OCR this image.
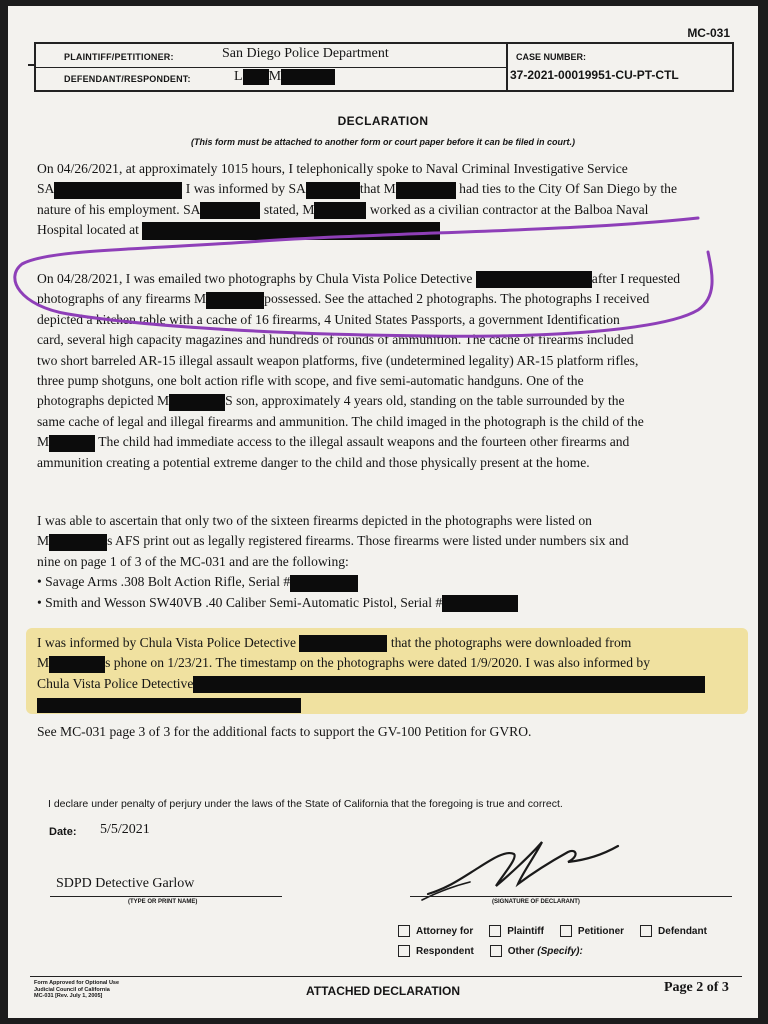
MC-031
PLAINTIFF/PETITIONER:	San Diego Police Department
DEFENDANT/RESPONDENT:	L M
CASE NUMBER:
37-2021-00019951-CU-PT-CTL
DECLARATION
(This form must be attached to another form or court paper before it can be filed in court.)
On 04/26/2021, at approximately 1015 hours, I telephonically spoke to Naval Criminal Investigative Service
SA	I was informed by SA	that M	had ties to the City Of San Diego by the
nature of his employment. SA	stated, M	worked as a civilian contractor at the Balboa Naval
Hospital located at
On 04/28/2021, I was emailed two photographs by Chula Vista Police Detective	after I requested
photographs of any firearms M	possessed. See the attached 2 photographs. The photographs I received
depicted a kitchen table with a cache of 16 firearms, 4 United States Passports, a government Identification
card, several high capacity magazines and hundreds of rounds of ammunition. The cache of firearms included
two short barreled AR-15 illegal assault weapon platforms, five (undetermined legality) AR-15 platform rifles,
three pump shotguns, one bolt action rifle with scope, and five semi-automatic handguns. One of the
photographs depicted M	S son, approximately 4 years old, standing on the table surrounded by the
same cache of legal and illegal firearms and ammunition. The child imaged in the photograph is the child of the
M	The child had immediate access to the illegal assault weapons and the fourteen other firearms and
ammunition creating a potential extreme danger to the child and those physically present at the home.
I was able to ascertain that only two of the sixteen firearms depicted in the photographs were listed on
M	s AFS print out as legally registered firearms. Those firearms were listed under numbers six and
nine on page 1 of 3 of the MC-031 and are the following:
• Savage Arms .308 Bolt Action Rifle, Serial #
• Smith and Wesson SW40VB .40 Caliber Semi-Automatic Pistol, Serial #
I was informed by Chula Vista Police Detective	that the photographs were downloaded from
M	s phone on 1/23/21. The timestamp on the photographs were dated 1/9/2020. I was also informed by
Chula Vista Police Detective
See MC-031 page 3 of 3 for the additional facts to support the GV-100 Petition for GVRO.
I declare under penalty of perjury under the laws of the State of California that the foregoing is true and correct.
Date: 5/5/2021
SDPD Detective Garlow
(TYPE OR PRINT NAME)	(SIGNATURE OF DECLARANT)
Attorney for
	Plaintiff
	Petitioner
	Defendant
Respondent
	Other
(Specify):
Form Approved for Optional Use
Judicial Council of California
MC-031 [Rev. July 1, 2005]	ATTACHED DECLARATION	Page 2 of 3
